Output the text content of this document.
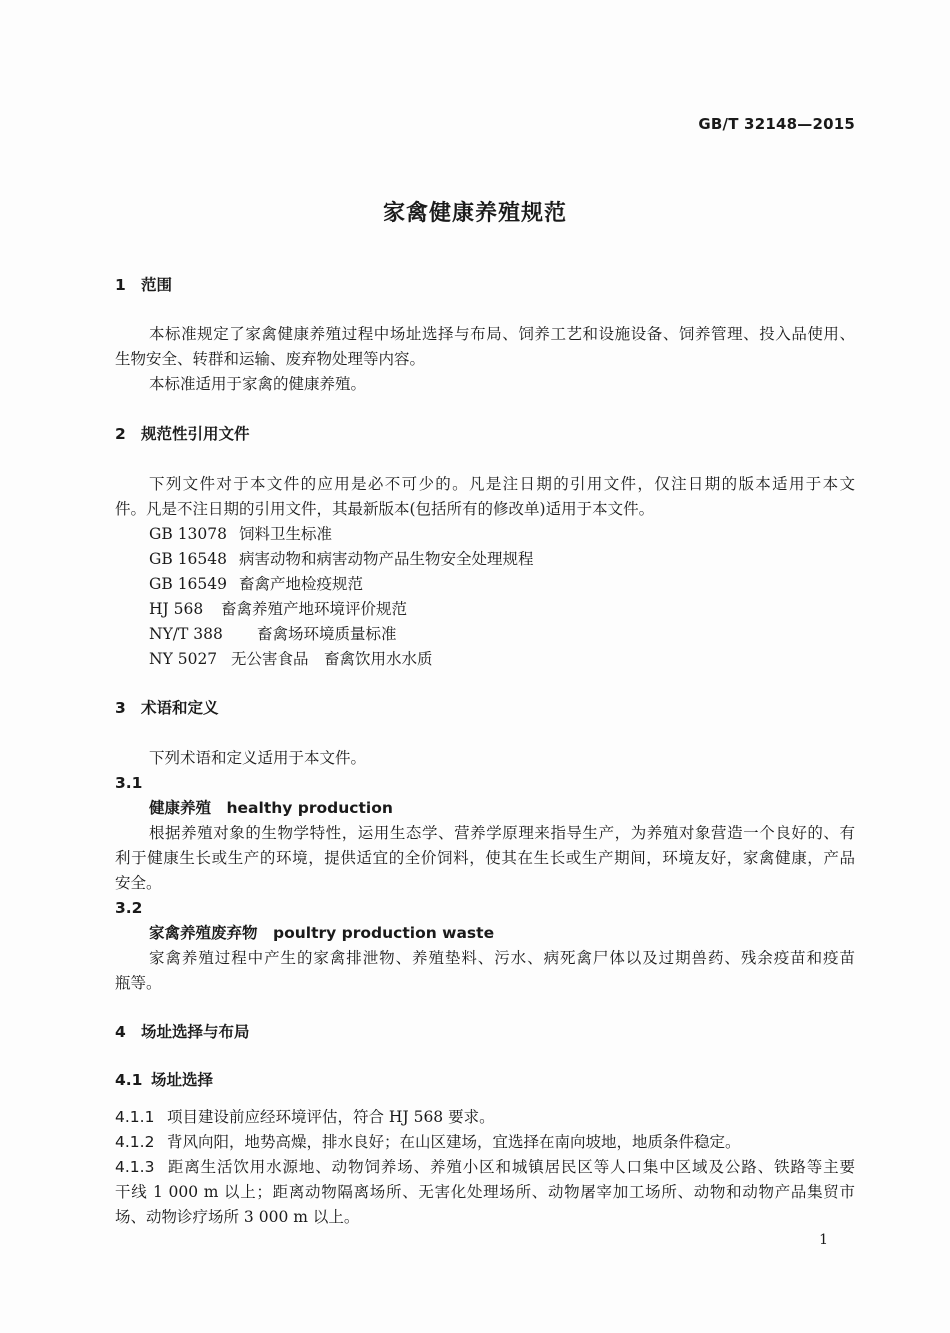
GB/T 32148—2015
家禽健康养殖规范
1 范围
本标准规定了家禽健康养殖过程中场址选择与布局、饲养工艺和设施设备、饲养管理、投入品使用、
生物安全、转群和运输、废弃物处理等内容。
本标准适用于家禽的健康养殖。
2 规范性引用文件
下列文件对于本文件的应用是必不可少的。凡是注日期的引用文件，仅注日期的版本适用于本文
件。凡是不注日期的引用文件，其最新版本(包括所有的修改单)适用于本文件。
GB 13078 饲料卫生标准
GB 16548 病害动物和病害动物产品生物安全处理规程
GB 16549 畜禽产地检疫规范
HJ 568 畜禽养殖产地环境评价规范
NY/T 388 畜禽场环境质量标准
NY 5027 无公害食品　畜禽饮用水水质
3 术语和定义
下列术语和定义适用于本文件。
3.1
健康养殖　healthy production
根据养殖对象的生物学特性，运用生态学、营养学原理来指导生产，为养殖对象营造一个良好的、有
利于健康生长或生产的环境，提供适宜的全价饲料，使其在生长或生产期间，环境友好，家禽健康，产品
安全。
3.2
家禽养殖废弃物　poultry production waste
家禽养殖过程中产生的家禽排泄物、养殖垫料、污水、病死禽尸体以及过期兽药、残余疫苗和疫苗
瓶等。
4 场址选择与布局
4.1 场址选择
4.1.1 项目建设前应经环境评估，符合 HJ 568 要求。
4.1.2 背风向阳，地势高燥，排水良好；在山区建场，宜选择在南向坡地，地质条件稳定。
4.1.3 距离生活饮用水源地、动物饲养场、养殖小区和城镇居民区等人口集中区域及公路、铁路等主要
干线 1 000 m 以上；距离动物隔离场所、无害化处理场所、动物屠宰加工场所、动物和动物产品集贸市
场、动物诊疗场所 3 000 m 以上。
1
